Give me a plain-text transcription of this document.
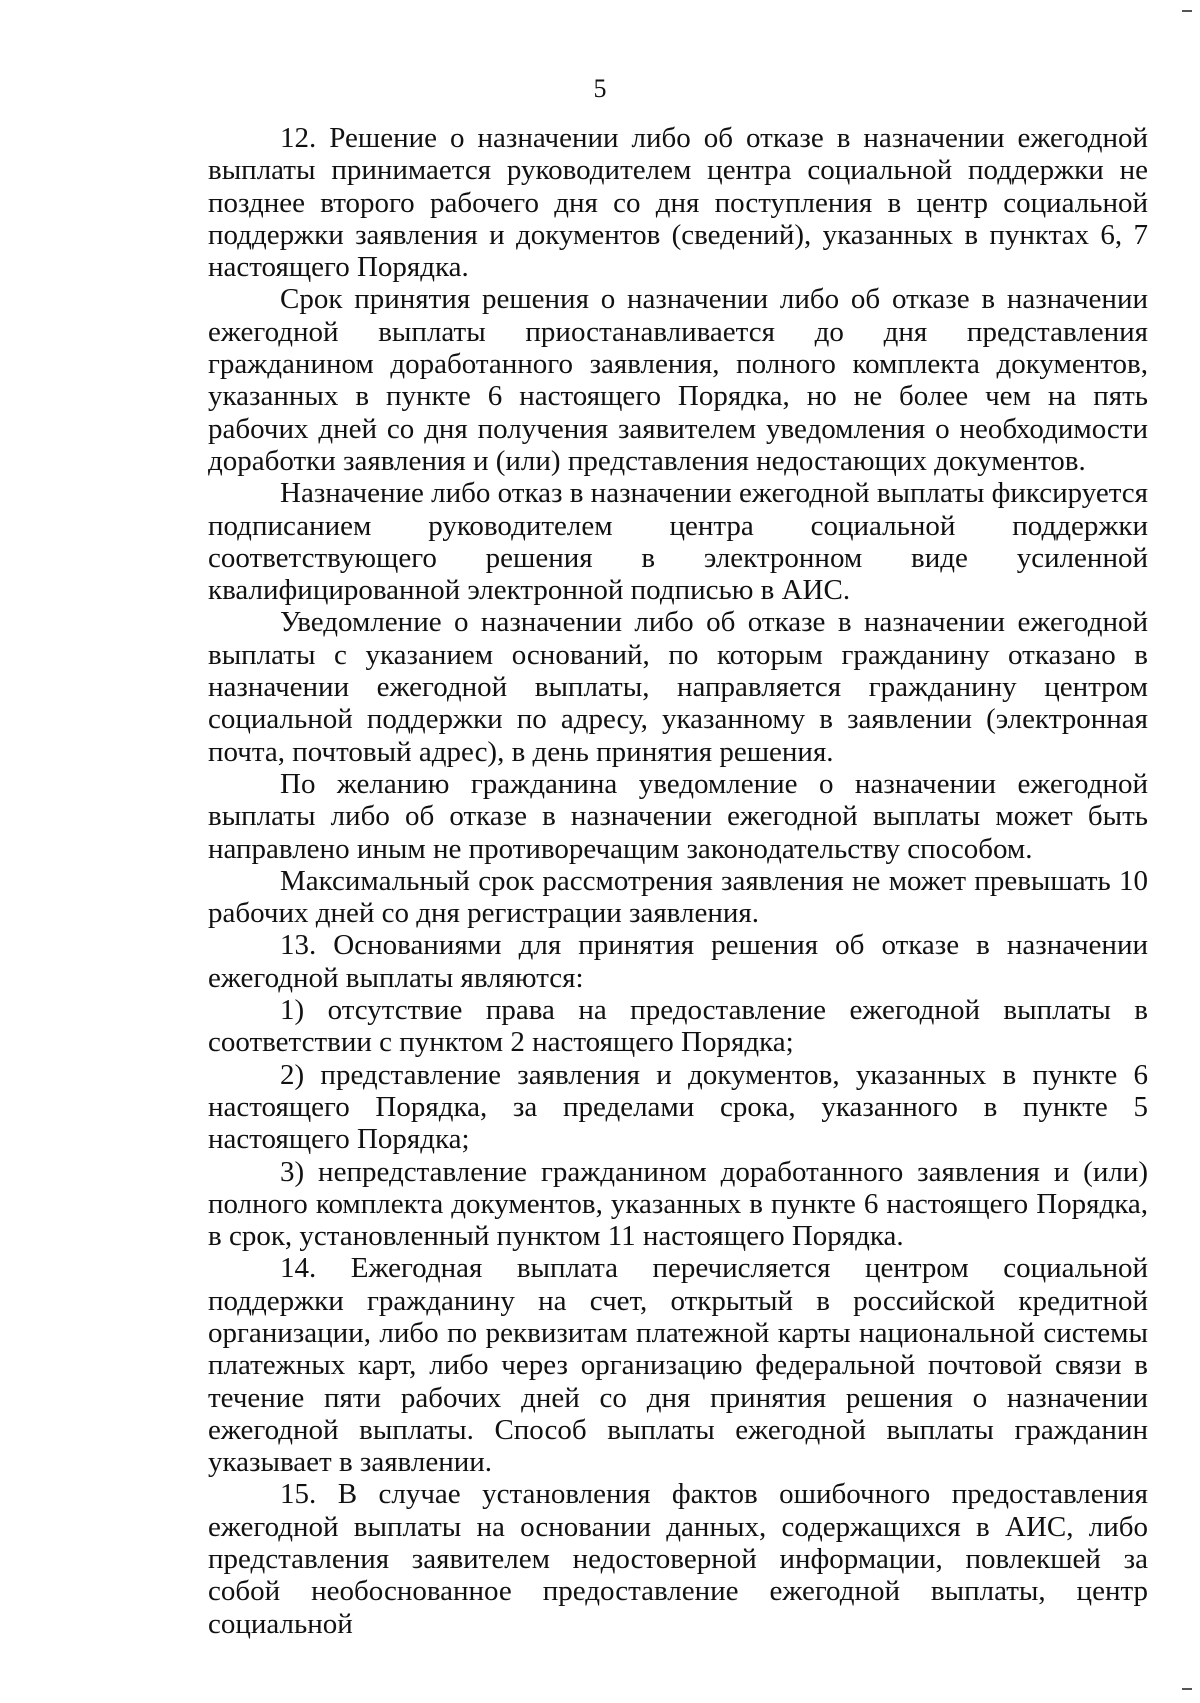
5

12. Решение о назначении либо об отказе в назначении ежегодной выплаты принимается руководителем центра социальной поддержки не позднее второго рабочего дня со дня поступления в центр социальной поддержки заявления и документов (сведений), указанных в пунктах 6, 7 настоящего Порядка.

Срок принятия решения о назначении либо об отказе в назначении ежегодной выплаты приостанавливается до дня представления гражданином доработанного заявления, полного комплекта документов, указанных в пункте 6 настоящего Порядка, но не более чем на пять рабочих дней со дня получения заявителем уведомления о необходимости доработки заявления и (или) представления недостающих документов.

Назначение либо отказ в назначении ежегодной выплаты фиксируется подписанием руководителем центра социальной поддержки соответствующего решения в электронном виде усиленной квалифицированной электронной подписью в АИС.

Уведомление о назначении либо об отказе в назначении ежегодной выплаты с указанием оснований, по которым гражданину отказано в назначении ежегодной выплаты, направляется гражданину центром социальной поддержки по адресу, указанному в заявлении (электронная почта, почтовый адрес), в день принятия решения.

По желанию гражданина уведомление о назначении ежегодной выплаты либо об отказе в назначении ежегодной выплаты может быть направлено иным не противоречащим законодательству способом.

Максимальный срок рассмотрения заявления не может превышать 10 рабочих дней со дня регистрации заявления.

13. Основаниями для принятия решения об отказе в назначении ежегодной выплаты являются:

1) отсутствие права на предоставление ежегодной выплаты в соответствии с пунктом 2 настоящего Порядка;

2) представление заявления и документов, указанных в пункте 6 настоящего Порядка, за пределами срока, указанного в пункте 5 настоящего Порядка;

3) непредставление гражданином доработанного заявления и (или) полного комплекта документов, указанных в пункте 6 настоящего Порядка, в срок, установленный пунктом 11 настоящего Порядка.

14. Ежегодная выплата перечисляется центром социальной поддержки гражданину на счет, открытый в российской кредитной организации, либо по реквизитам платежной карты национальной системы платежных карт, либо через организацию федеральной почтовой связи в течение пяти рабочих дней со дня принятия решения о назначении ежегодной выплаты. Способ выплаты ежегодной выплаты гражданин указывает в заявлении.

15. В случае установления фактов ошибочного предоставления ежегодной выплаты на основании данных, содержащихся в АИС, либо представления заявителем недостоверной информации, повлекшей за собой необоснованное предоставление ежегодной выплаты, центр социальной
